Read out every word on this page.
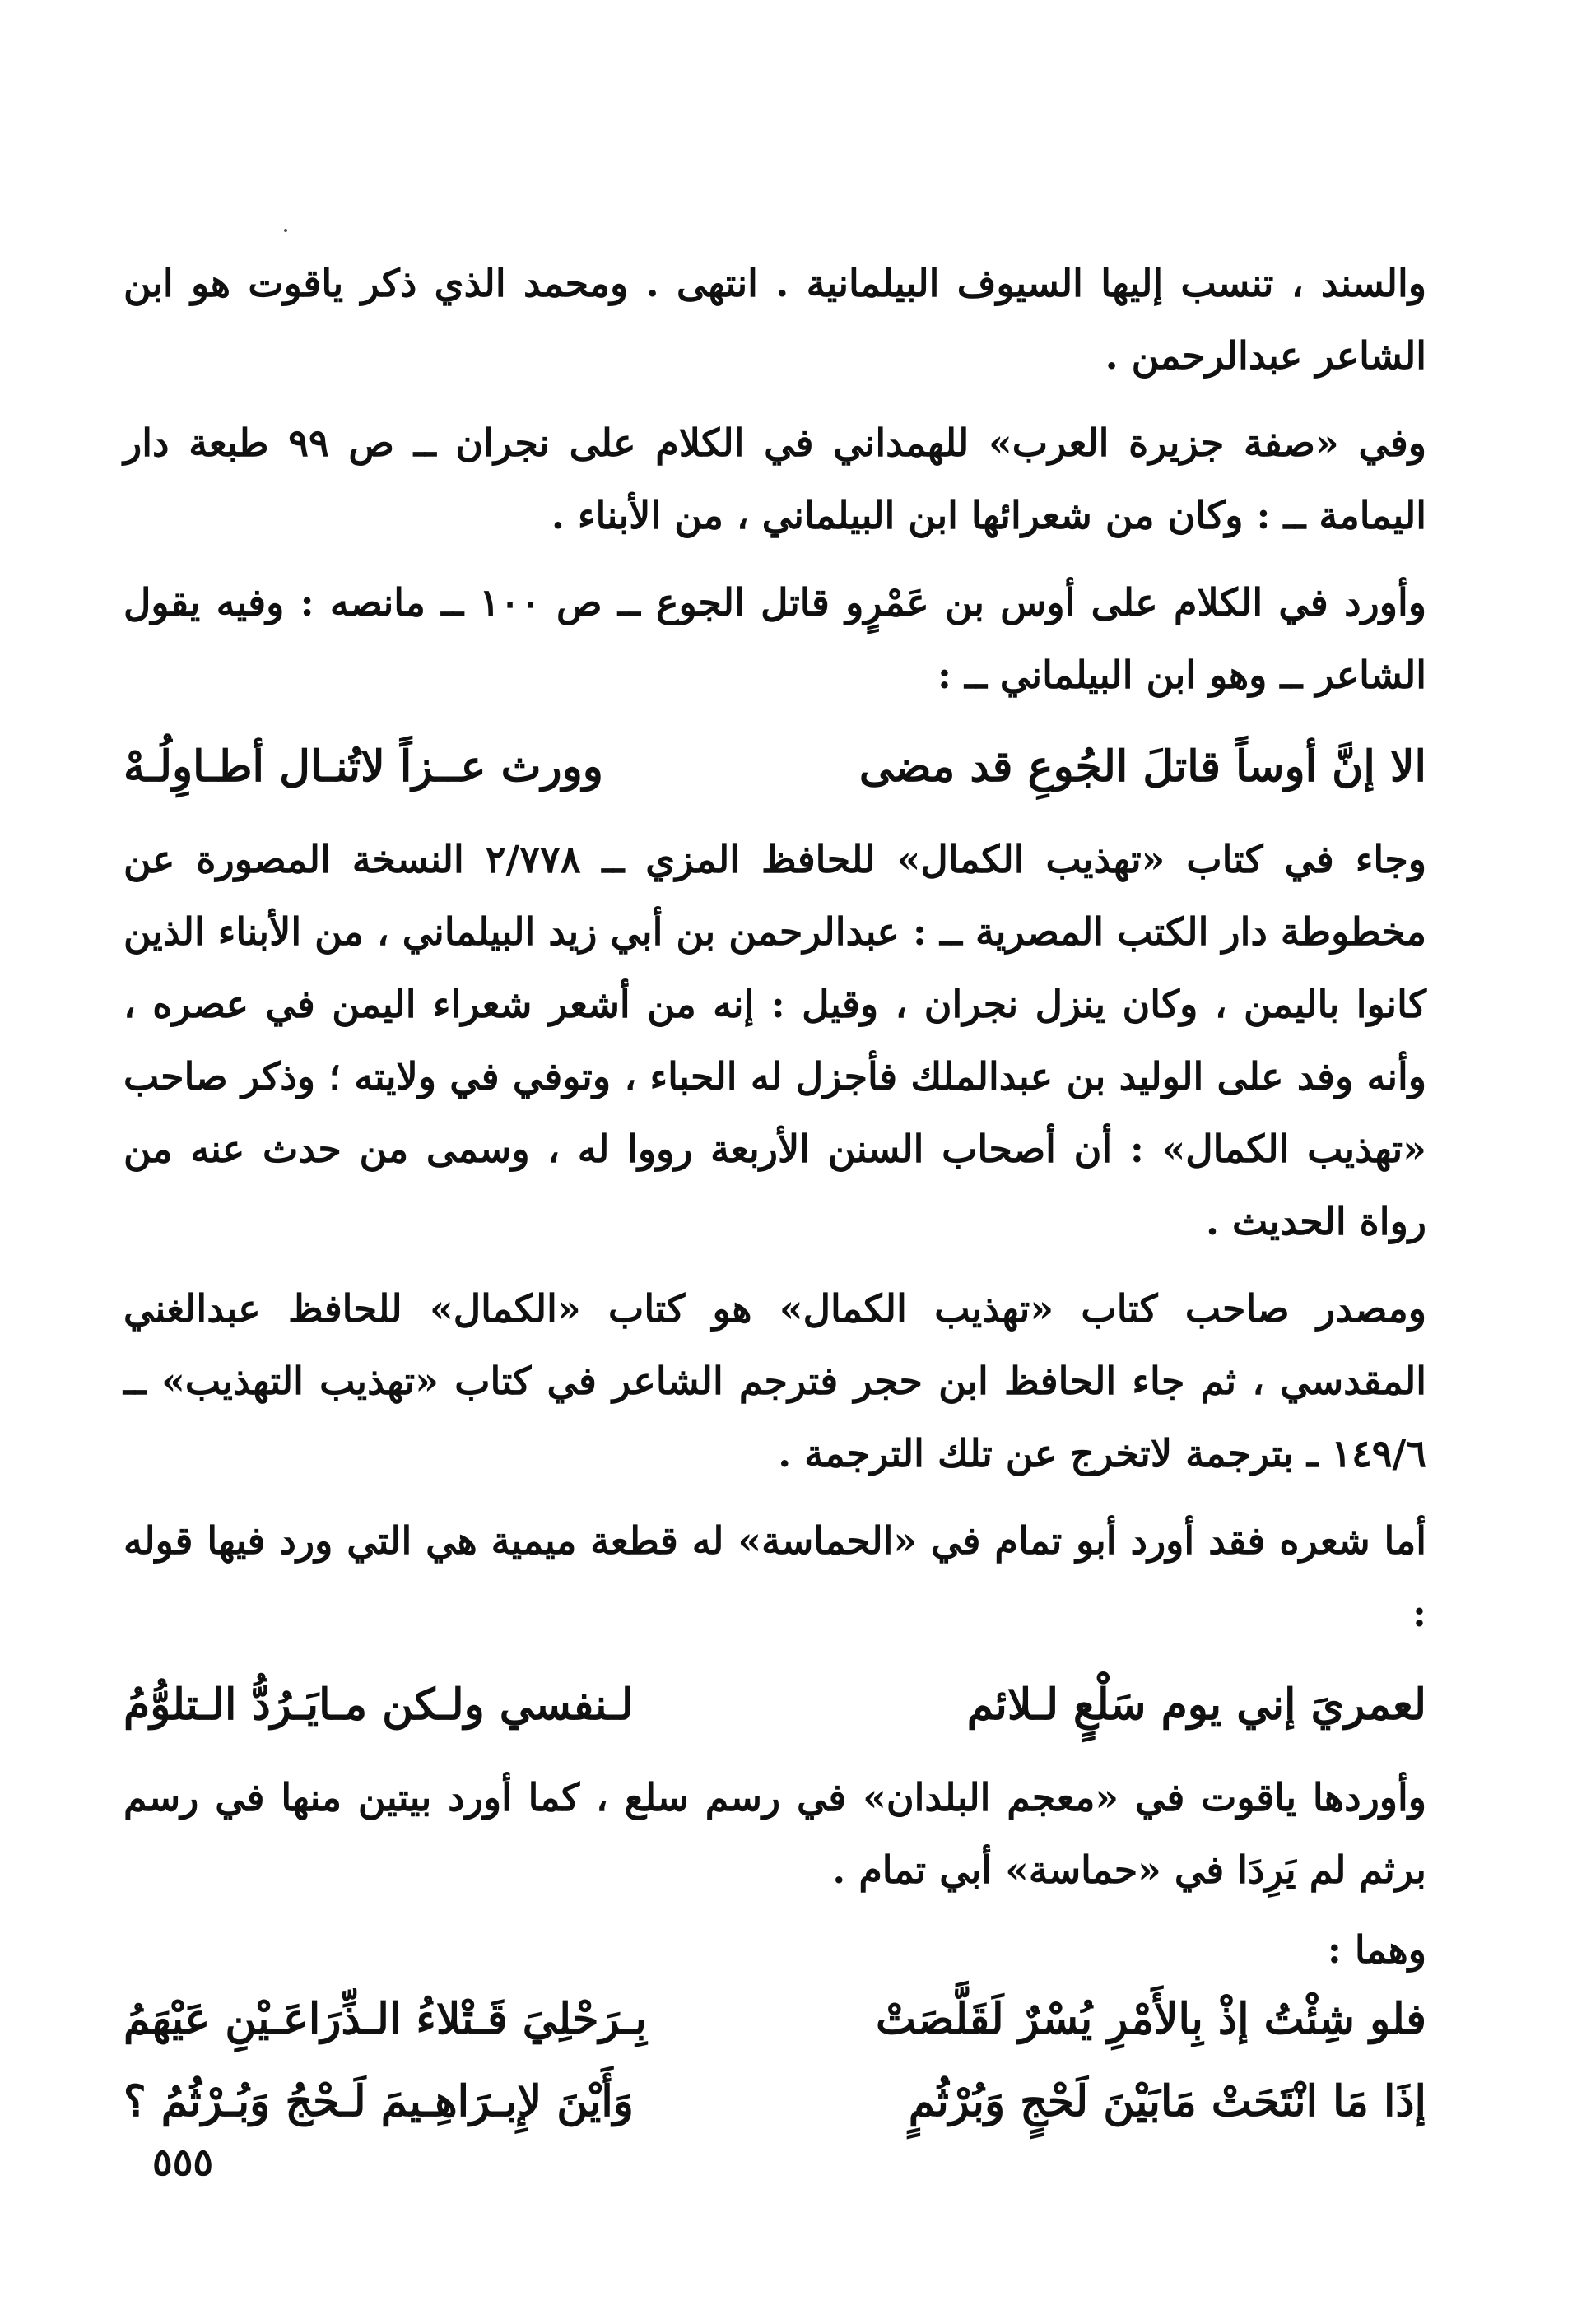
والسند ، تنسب إليها السيوف البيلمانية . انتهى . ومحمد الذي ذكر ياقوت هو ابن الشاعر عبدالرحمن .

وفي «صفة جزيرة العرب» للهمداني في الكلام على نجران ــ ص ٩٩ طبعة دار اليمامة ــ : وكان من شعرائها ابن البيلماني ، من الأبناء .

وأورد في الكلام على أوس بن عَمْرٍو قاتل الجوع ــ ص ١٠٠ ــ مانصه : وفيه يقول الشاعر ــ وهو ابن البيلماني ــ :

الا إنَّ أوساً قاتلَ الجُوعِ قد مضى
وورث عــزاً لاتُنـال أطـاوِلُـهْ

وجاء في كتاب «تهذيب الكمال» للحافظ المزي ــ ٢/٧٧٨ النسخة المصورة عن مخطوطة دار الكتب المصرية ــ : عبدالرحمن بن أبي زيد البيلماني ، من الأبناء الذين كانوا باليمن ، وكان ينزل نجران ، وقيل : إنه من أشعر شعراء اليمن في عصره ، وأنه وفد على الوليد بن عبدالملك فأجزل له الحباء ، وتوفي في ولايته ؛ وذكر صاحب «تهذيب الكمال» : أن أصحاب السنن الأربعة رووا له ، وسمى من حدث عنه من رواة الحديث .

ومصدر صاحب كتاب «تهذيب الكمال» هو كتاب «الكمال» للحافظ عبدالغني المقدسي ، ثم جاء الحافظ ابن حجر فترجم الشاعر في كتاب «تهذيب التهذيب» ــ ١٤٩/٦ ـ بترجمة لاتخرج عن تلك الترجمة .

أما شعره فقد أورد أبو تمام في «الحماسة» له قطعة ميمية هي التي ورد فيها قوله :

لعمريَ إني يوم سَلْعٍ لـلائم
لـنفسي ولـكن مـايَـرُدُّ الـتلوُّمُ

وأوردها ياقوت في «معجم البلدان» في رسم سلع ، كما أورد بيتين منها في رسم برثم لم يَرِدَا في «حماسة» أبي تمام .

وهما :

فلو شِئْتُ إذْ بِالأَمْرِ يُسْرٌ لَقَلَّصَتْ
بِـرَحْلِيَ قَـتْلاءُ الـذِّرَاعَـيْنِ عَيْهَمُ
إذَا مَا انْتَحَتْ مَابَيْنَ لَحْجٍ وَبُرْثُمٍ
وَأَيْنَ لإِبـرَاهِـيمَ لَـحْجُ وَبُـرْثُمُ ؟
٥٥٥
